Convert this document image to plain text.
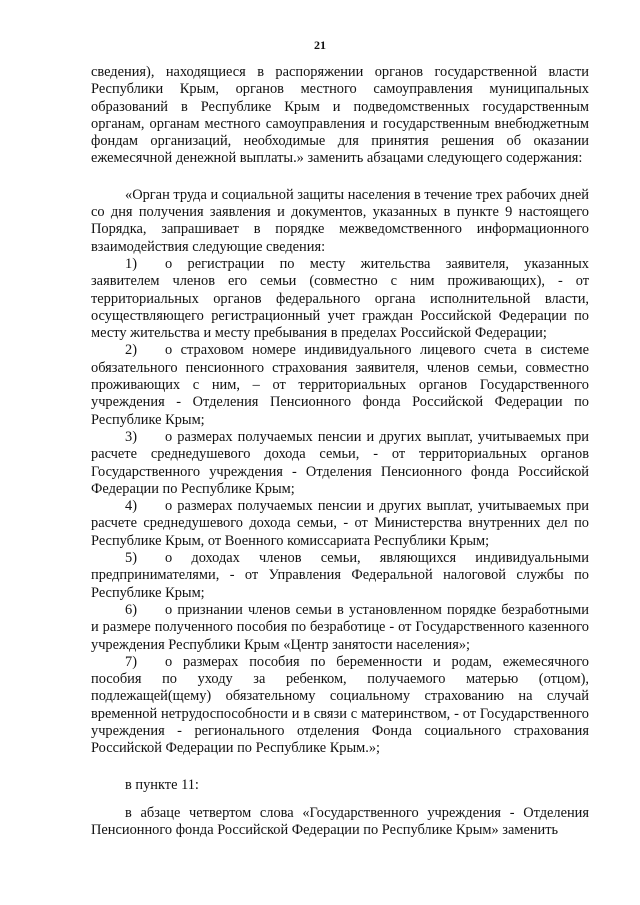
21

сведения), находящиеся в распоряжении органов государственной власти Республики Крым, органов местного самоуправления муниципальных образований в Республике Крым и подведомственных государственным органам, органам местного самоуправления и государственным внебюджетным фондам организаций, необходимые для принятия решения об оказании ежемесячной денежной выплаты.» заменить абзацами следующего содержания:

«Орган труда и социальной защиты населения в течение трех рабочих дней со дня получения заявления и документов, указанных в пункте 9 настоящего Порядка, запрашивает в порядке межведомственного информационного взаимодействия следующие сведения:

1) о регистрации по месту жительства заявителя, указанных заявителем членов его семьи (совместно с ним проживающих), - от территориальных органов федерального органа исполнительной власти, осуществляющего регистрационный учет граждан Российской Федерации по месту жительства и месту пребывания в пределах Российской Федерации;

2) о страховом номере индивидуального лицевого счета в системе обязательного пенсионного страхования заявителя, членов семьи, совместно проживающих с ним, – от территориальных органов Государственного учреждения - Отделения Пенсионного фонда Российской Федерации по Республике Крым;

3) о размерах получаемых пенсии и других выплат, учитываемых при расчете среднедушевого дохода семьи, - от территориальных органов Государственного учреждения - Отделения Пенсионного фонда Российской Федерации по Республике Крым;

4) о размерах получаемых пенсии и других выплат, учитываемых при расчете среднедушевого дохода семьи, - от Министерства внутренних дел по Республике Крым, от Военного комиссариата Республики Крым;

5) о доходах членов семьи, являющихся индивидуальными предпринимателями, - от Управления Федеральной налоговой службы по Республике Крым;

6) о признании членов семьи в установленном порядке безработными и размере полученного пособия по безработице - от Государственного казенного учреждения Республики Крым «Центр занятости населения»;

7) о размерах пособия по беременности и родам, ежемесячного пособия по уходу за ребенком, получаемого матерью (отцом), подлежащей(щему) обязательному социальному страхованию на случай временной нетрудоспособности и в связи с материнством, - от Государственного учреждения - регионального отделения Фонда социального страхования Российской Федерации по Республике Крым.»;

в пункте 11:

в абзаце четвертом слова «Государственного учреждения - Отделения Пенсионного фонда Российской Федерации по Республике Крым» заменить
